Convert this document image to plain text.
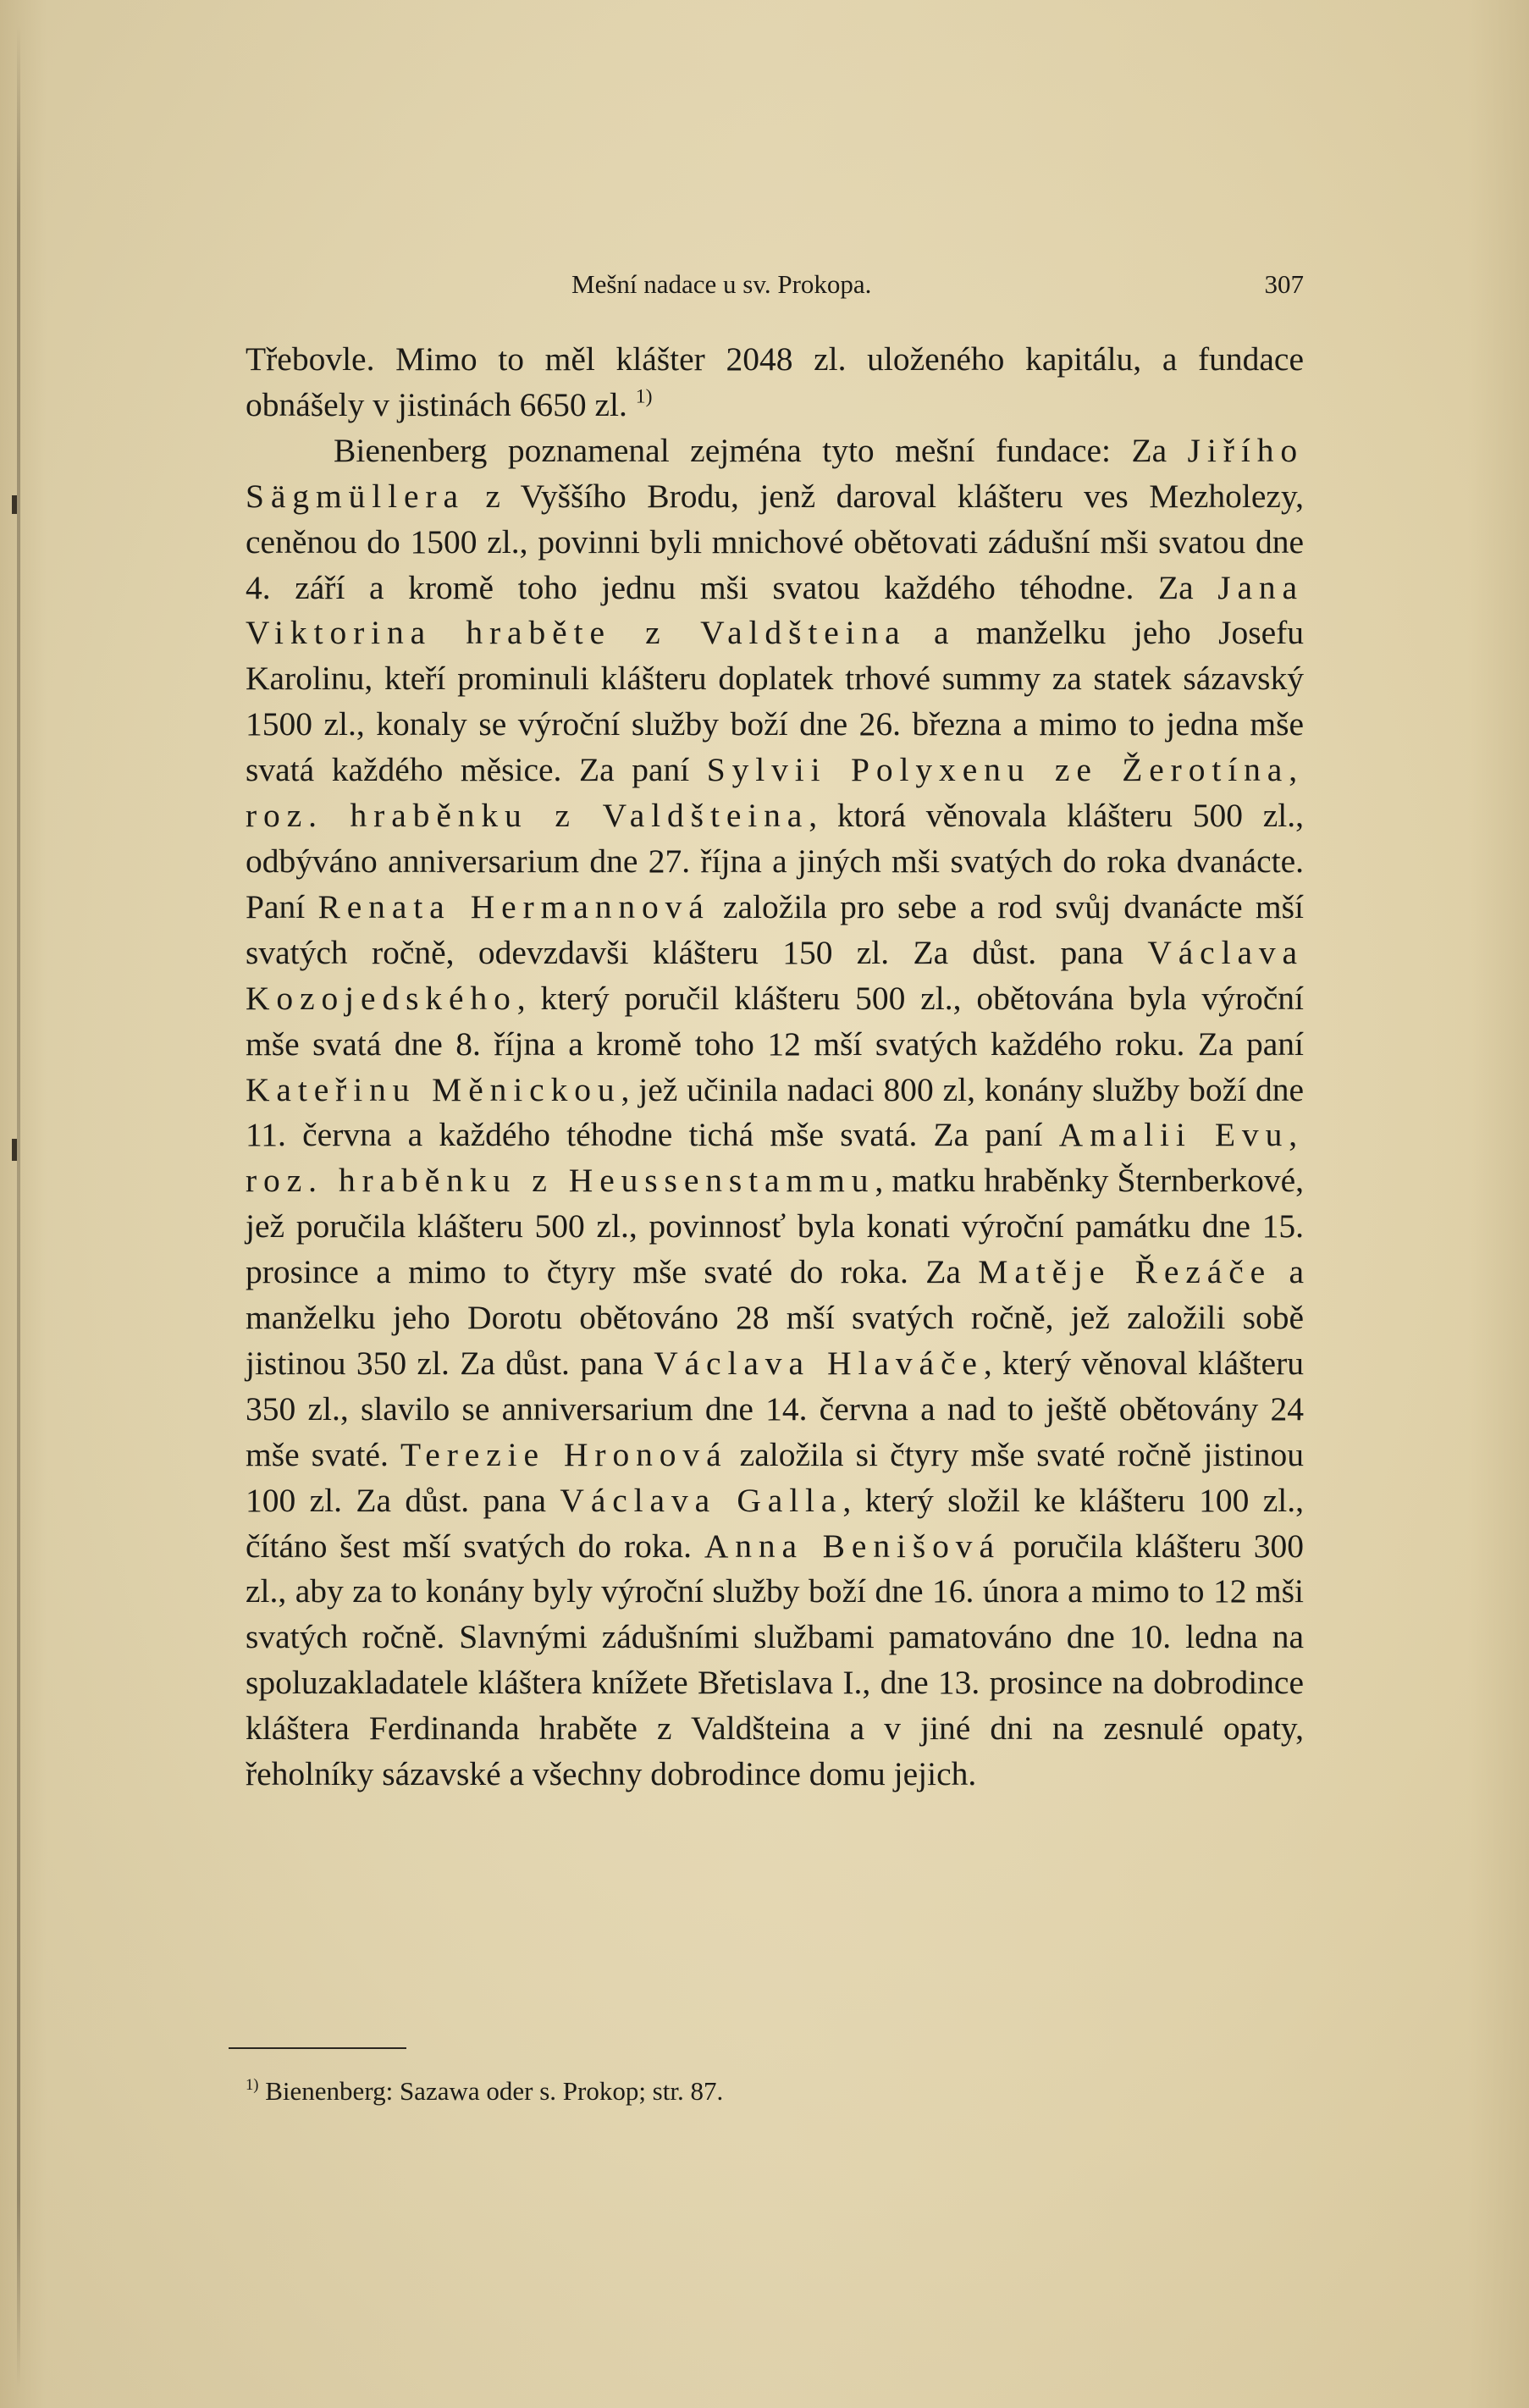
Mešní nadace u sv. Prokopa.	307

Třebovle. Mimo to měl klášter 2048 zl. uloženého kapitálu, a fundace obnášely v jistinách 6650 zl. $^{1)}$

Bienenberg poznamenal zejména tyto mešní fundace: Za Jiřího Sägmüllera z Vyššího Brodu, jenž daroval klášteru ves Mezholezy, ceněnou do 1500 zl., povinni byli mnichové obětovati zádušní mši svatou dne 4. září a kromě toho jednu mši svatou každého téhodne. Za Jana Viktorina hraběte z Valdšteina a manželku jeho Josefu Karolinu, kteří prominuli klášteru doplatek trhové summy za statek sázavský 1500 zl., konaly se výroční služby boží dne 26. března a mimo to jedna mše svatá každého měsice. Za paní Sylvii Polyxenu ze Žerotína, roz. hraběnku z Valdšteina, ktorá věnovala klášteru 500 zl., odbýváno anniversarium dne 27. října a jiných mši svatých do roka dvanácte. Paní Renata Hermannová založila pro sebe a rod svůj dvanácte mší svatých ročně, odevzdavši klášteru 150 zl. Za důst. pana Václava Kozojedského, který poručil klášteru 500 zl., obětována byla výroční mše svatá dne 8. října a kromě toho 12 mší svatých každého roku. Za paní Kateřinu Měnickou, jež učinila nadaci 800 zl, konány služby boží dne 11. června a každého téhodne tichá mše svatá. Za paní Amalii Evu, roz. hraběnku z Heussenstammu, matku hraběnky Šternberkové, jež poručila klášteru 500 zl., povinnosť byla konati výroční památku dne 15. prosince a mimo to čtyry mše svaté do roka. Za Matěje Řezáče a manželku jeho Dorotu obětováno 28 mší svatých ročně, jež založili sobě jistinou 350 zl. Za důst. pana Václava Hlaváče, který věnoval klášteru 350 zl., slavilo se anniversarium dne 14. června a nad to ještě obětovány 24 mše svaté. Terezie Hronová založila si čtyry mše svaté ročně jistinou 100 zl. Za důst. pana Václava Galla, který složil ke klášteru 100 zl., čítáno šest mší svatých do roka. Anna Benišová poručila klášteru 300 zl., aby za to konány byly výroční služby boží dne 16. února a mimo to 12 mši svatých ročně. Slavnými zádušními službami pamatováno dne 10. ledna na spoluzakladatele kláštera knížete Břetislava I., dne 13. prosince na dobrodince kláštera Ferdinanda hraběte z Valdšteina a v jiné dni na zesnulé opaty, řeholníky sázavské a všechny dobrodince domu jejich.

$^{1)}$ Bienenberg: Sazawa oder s. Prokop; str. 87.
